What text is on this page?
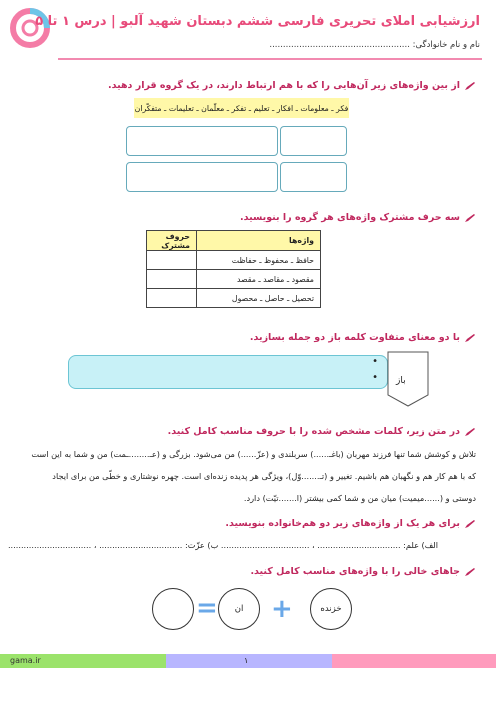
ارزشیابی املای تحریری فارسی ششم دبستان شهید آلبو | درس ۱ تا ۵
نام و نام خانوادگی: ....................................................
از بین واژه‌های زیر آن‌هایی را که با هم ارتباط دارند، در یک گروه قرار دهید.
فکر ـ معلومات ـ افکار ـ تعلیم ـ تفکر ـ معلّمان ـ تعلیمات ـ متفکّران
سه حرف مشترک واژه‌های هر گروه را بنویسید.
واژه‌ها	حروف مشترک
حافظ ـ محفوظ ـ حفاظت	
مقصود ـ مقاصد ـ مقصد	
تحصیل ـ حاصل ـ محصول	
با دو معنای متفاوت کلمه باز دو جمله بسازید.
•
• باز
در متن زیر، کلمات مشخص شده را با حروف مناسب کامل کنید.
تلاش و کوشش شما تنها فرزند مهربان (باغـ......) سربلندی و (عزّ......) من می‌شود. بزرگی و (عـ........ـمت) من و شما به این است
که با هم کار هم و نگهبان هم باشیم. تغییر و (تـ.......وّل)، ویژگی هر پدیده زنده‌ای است. چهره نوشتاری و خطّی من برای ایجاد
دوستی و (......میمیت) میان من و شما کمی بیشتر (ا.......تیّت) دارد.
برای هر یک از واژه‌های زیر دو هم‌خانواده بنویسید.
الف) علم: ................................ ، .................................. ب) عزّت: ................................ ، ................................
جاهای خالی را با واژه‌های مناسب کامل کنید.
خزنده
+
ان
=
gama.ir	۱
